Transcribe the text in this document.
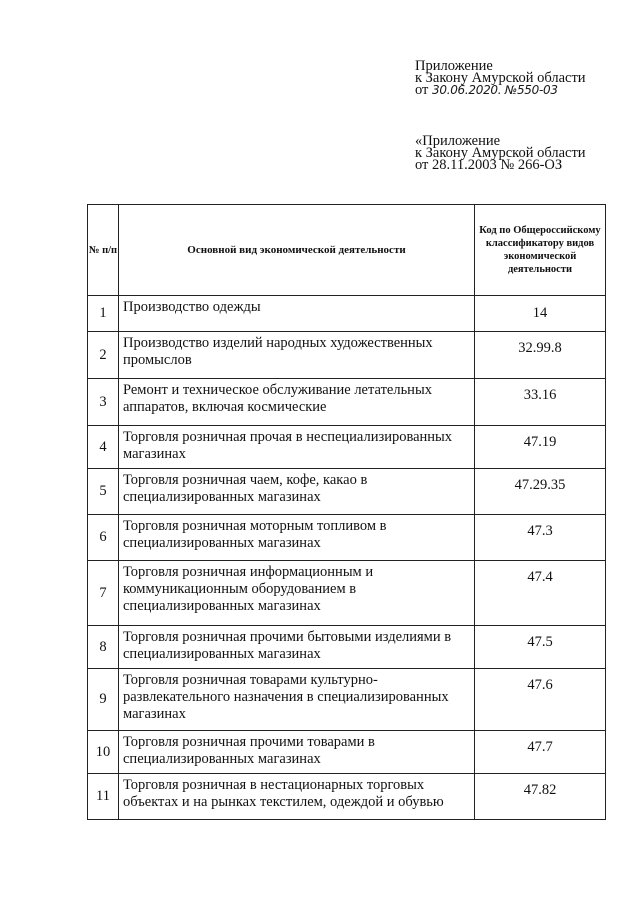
Приложение
к Закону Амурской области
от 30.06.2020. №550-03
«Приложение
к Закону Амурской области
от 28.11.2003 № 266-ОЗ
№ п/п	Основной вид экономической деятельности	Код по Общероссийскому классификатору видов экономической деятельности
1	Производство одежды	14
2	Производство изделий народных художественных промыслов	32.99.8
3	Ремонт и техническое обслуживание летательных аппаратов, включая космические	33.16
4	Торговля розничная прочая в неспециализированных магазинах	47.19
5	Торговля розничная чаем, кофе, какао в специализированных магазинах	47.29.35
6	Торговля розничная моторным топливом в специализированных магазинах	47.3
7	Торговля розничная информационным и коммуникационным оборудованием в специализированных магазинах	47.4
8	Торговля розничная прочими бытовыми изделиями в специализированных магазинах	47.5
9	Торговля розничная товарами культурно-развлекательного назначения в специализированных магазинах	47.6
10	Торговля розничная прочими товарами в специализированных магазинах	47.7
11	Торговля розничная в нестационарных торговых объектах и на рынках текстилем, одеждой и обувью	47.82
